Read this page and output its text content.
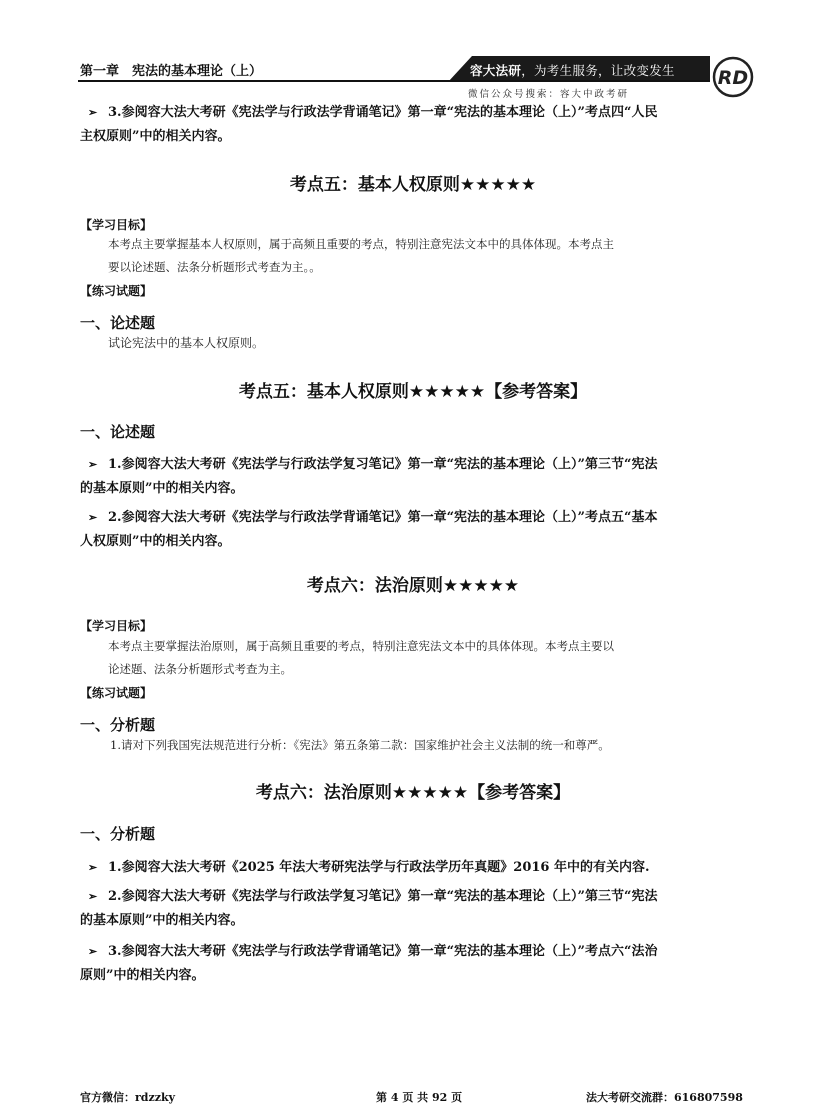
第一章　宪法的基本理论（上）	容大法研，为考生服务，让改变发生
微信公众号搜索：容大中政考研
RD
➢ 3.参阅容大法大考研《宪法学与行政法学背诵笔记》第一章“宪法的基本理论（上）”考点四“人民
主权原则”中的相关内容。
考点五：基本人权原则★★★★★
【学习目标】
本考点主要掌握基本人权原则，属于高频且重要的考点，特别注意宪法文本中的具体体现。本考点主
要以论述题、法条分析题形式考查为主。。
【练习试题】
一、论述题
试论宪法中的基本人权原则。
考点五：基本人权原则★★★★★【参考答案】
一、论述题
➢ 1.参阅容大法大考研《宪法学与行政法学复习笔记》第一章“宪法的基本理论（上）”第三节“宪法
的基本原则”中的相关内容。
➢ 2.参阅容大法大考研《宪法学与行政法学背诵笔记》第一章“宪法的基本理论（上）”考点五“基本
人权原则”中的相关内容。
考点六：法治原则★★★★★
【学习目标】
本考点主要掌握法治原则，属于高频且重要的考点，特别注意宪法文本中的具体体现。本考点主要以
论述题、法条分析题形式考查为主。
【练习试题】
一、分析题
1.请对下列我国宪法规范进行分析：《宪法》第五条第二款：国家维护社会主义法制的统一和尊严。
考点六：法治原则★★★★★【参考答案】
一、分析题
➢ 1.参阅容大法大考研《2025 年法大考研宪法学与行政法学历年真题》2016 年中的有关内容.
➢ 2.参阅容大法大考研《宪法学与行政法学复习笔记》第一章“宪法的基本理论（上）”第三节“宪法
的基本原则”中的相关内容。
➢ 3.参阅容大法大考研《宪法学与行政法学背诵笔记》第一章“宪法的基本理论（上）”考点六“法治
原则”中的相关内容。
官方微信：rdzzky	第 4 页 共 92 页	法大考研交流群：616807598
